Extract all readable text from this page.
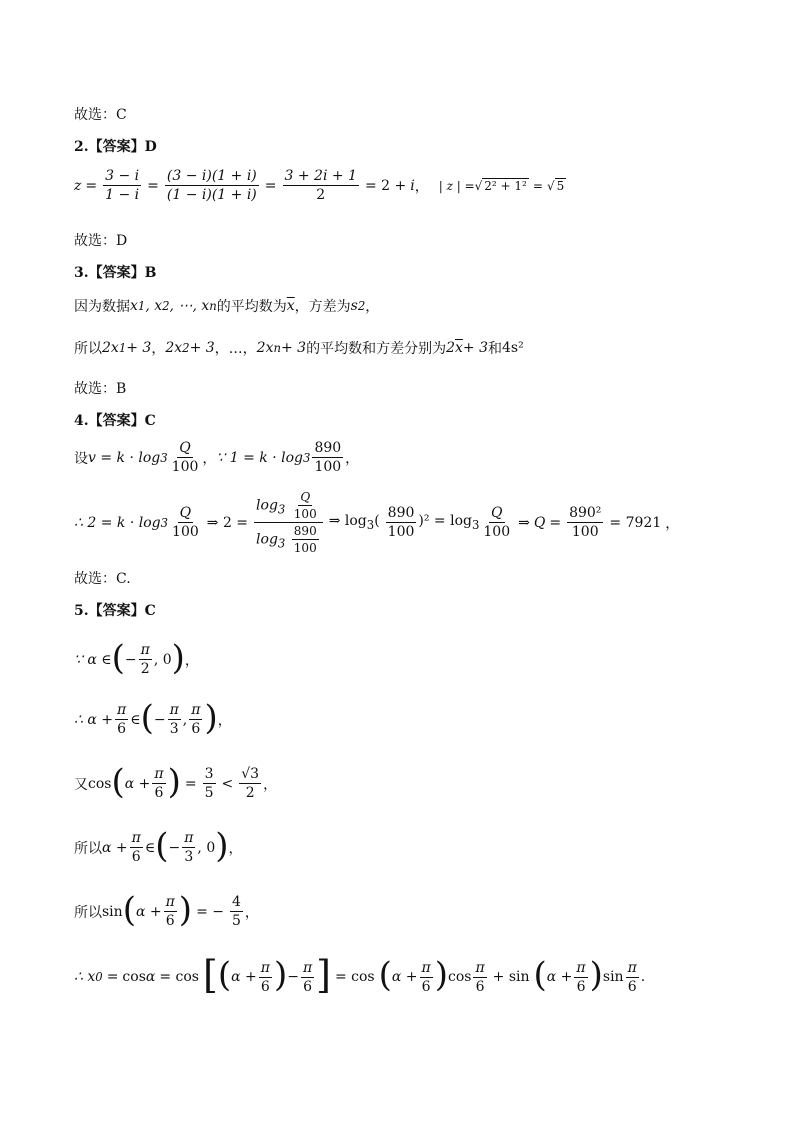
故选：C
2.【答案】D
$z = \frac{3 - i}{1 - i} = \frac{(3 - i)(1 + i)}{(1 - i)(1 + i)} = \frac{3 + 2i + 1}{2} = 2 + i$ ， | z | = √ 2² + 1² = √ 5
故选：D
3.【答案】B
因为数据 x 1 , x 2 , ⋯, x n 的平均数为 $\overline{x}$ ，方差为 s 2 ，
所以 2x 1 + 3 ， 2x 2 + 3 ，…， 2x n + 3 的平均数和方差分别为 2 $\overline{x} + 3$ 和 4s²
故选：B
4.【答案】C
设 $v = k \cdot \log 3 \frac{Q}{100}$ ， ∵ $1 = k \cdot \log 3 \frac{890}{100}$ ，
∴ $2 = k \cdot \log 3 \frac{Q}{100}$ ⇒ $2 = \frac{\log_3 \frac{Q}{100}}{\log_3 \frac{890}{100}}$ ⇒ $\log_3( \frac{890}{100} )^2 = \log_3 \frac{Q}{100}$ ⇒ $Q = \frac{\text{890²}}{100} = 7921$ ，
故选：C.
5.【答案】C
∵ α ∈ ( − $\frac{\pi}{2}$ , 0 ) ，
∴ $\alpha + \frac{\pi}{6}$ ∈ ( − $\frac{\pi}{3}$ , $\frac{\pi}{6}$ ) ，
又 cos ( $\alpha + \frac{\pi}{6}$ ) = $\frac{3}{5} < \frac{√3}{2}$ ，
所以 $\alpha + \frac{\pi}{6}$ ∈ ( − $\frac{\pi}{3}$ , 0 ) ，
所以 sin ( $\alpha + \frac{\pi}{6}$ ) = − $\frac{4}{5}$ ，
∴ x 0 = cos α = cos [ ( $\alpha + \frac{\pi}{6}$ ) − $\frac{\pi}{6}$ ] = cos ( $\alpha + \frac{\pi}{6}$ ) $\cos \frac{\pi}{6} + \sin$ ( $\alpha + \frac{\pi}{6}$ ) $\sin \frac{\pi}{6}$ .
